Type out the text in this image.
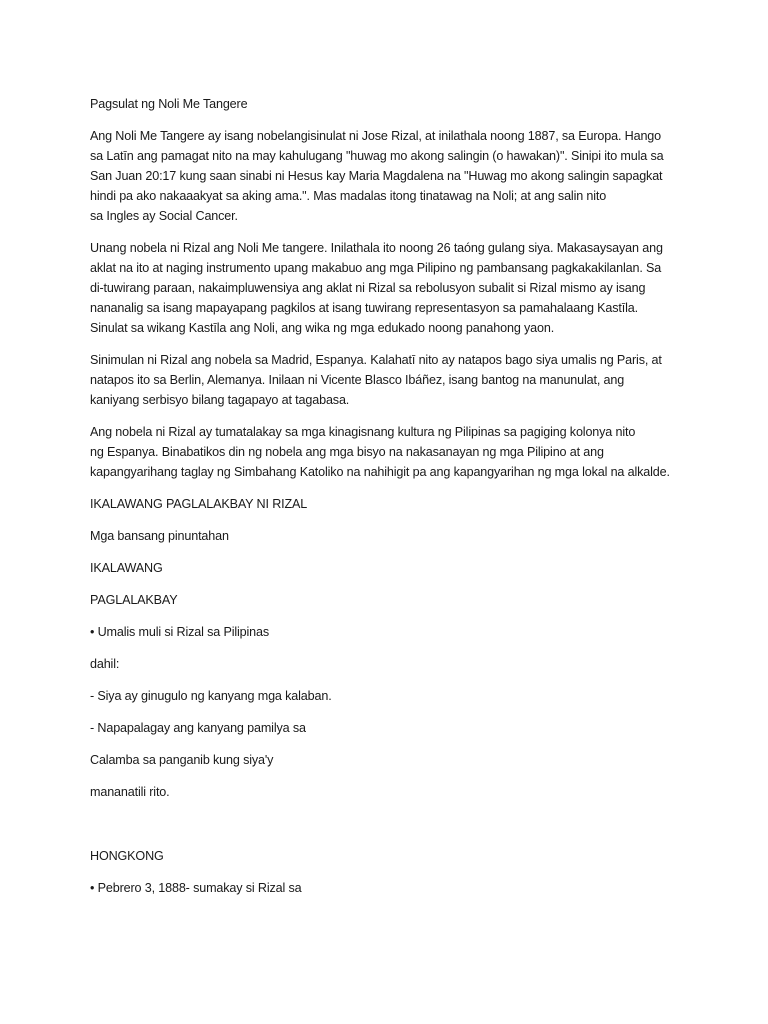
Pagsulat ng Noli Me Tangere

Ang Noli Me Tangere ay isang nobelangisinulat ni Jose Rizal, at inilathala noong 1887, sa Europa. Hango

sa Latīn ang pamagat nito na may kahulugang "huwag mo akong salingin (o hawakan)". Sinipi ito mula sa

San Juan 20:17 kung saan sinabi ni Hesus kay Maria Magdalena na "Huwag mo akong salingin sapagkat

hindi pa ako nakaaakyat sa aking ama.". Mas madalas itong tinatawag na Noli; at ang salin nito

sa Ingles ay Social Cancer.

Unang nobela ni Rizal ang Noli Me tangere. Inilathala ito noong 26 taóng gulang siya. Makasaysayan ang

aklat na ito at naging instrumento upang makabuo ang mga Pilipino ng pambansang pagkakakilanlan. Sa

di-tuwirang paraan, nakaimpluwensiya ang aklat ni Rizal sa rebolusyon subalit si Rizal mismo ay isang

nananalig sa isang mapayapang pagkilos at isang tuwirang representasyon sa pamahalaang Kastīla.

Sinulat sa wikang Kastīla ang Noli, ang wika ng mga edukado noong panahong yaon.

Sinimulan ni Rizal ang nobela sa Madrid, Espanya. Kalahatī nito ay natapos bago siya umalis ng Paris, at

natapos ito sa Berlin, Alemanya. Inilaan ni Vicente Blasco Ibáñez, isang bantog na manunulat, ang

kaniyang serbisyo bilang tagapayo at tagabasa.

Ang nobela ni Rizal ay tumatalakay sa mga kinagisnang kultura ng Pilipinas sa pagiging kolonya nito

ng Espanya. Binabatikos din ng nobela ang mga bisyo na nakasanayan ng mga Pilipino at ang

kapangyarihang taglay ng Simbahang Katoliko na nahihigit pa ang kapangyarihan ng mga lokal na alkalde.

IKALAWANG PAGLALAKBAY NI RIZAL

Mga bansang pinuntahan

IKALAWANG

PAGLALAKBAY

• Umalis muli si Rizal sa Pilipinas

dahil:

- Siya ay ginugulo ng kanyang mga kalaban.

- Napapalagay ang kanyang pamilya sa

Calamba sa panganib kung siya'y

mananatili rito.

HONGKONG

• Pebrero 3, 1888- sumakay si Rizal sa
